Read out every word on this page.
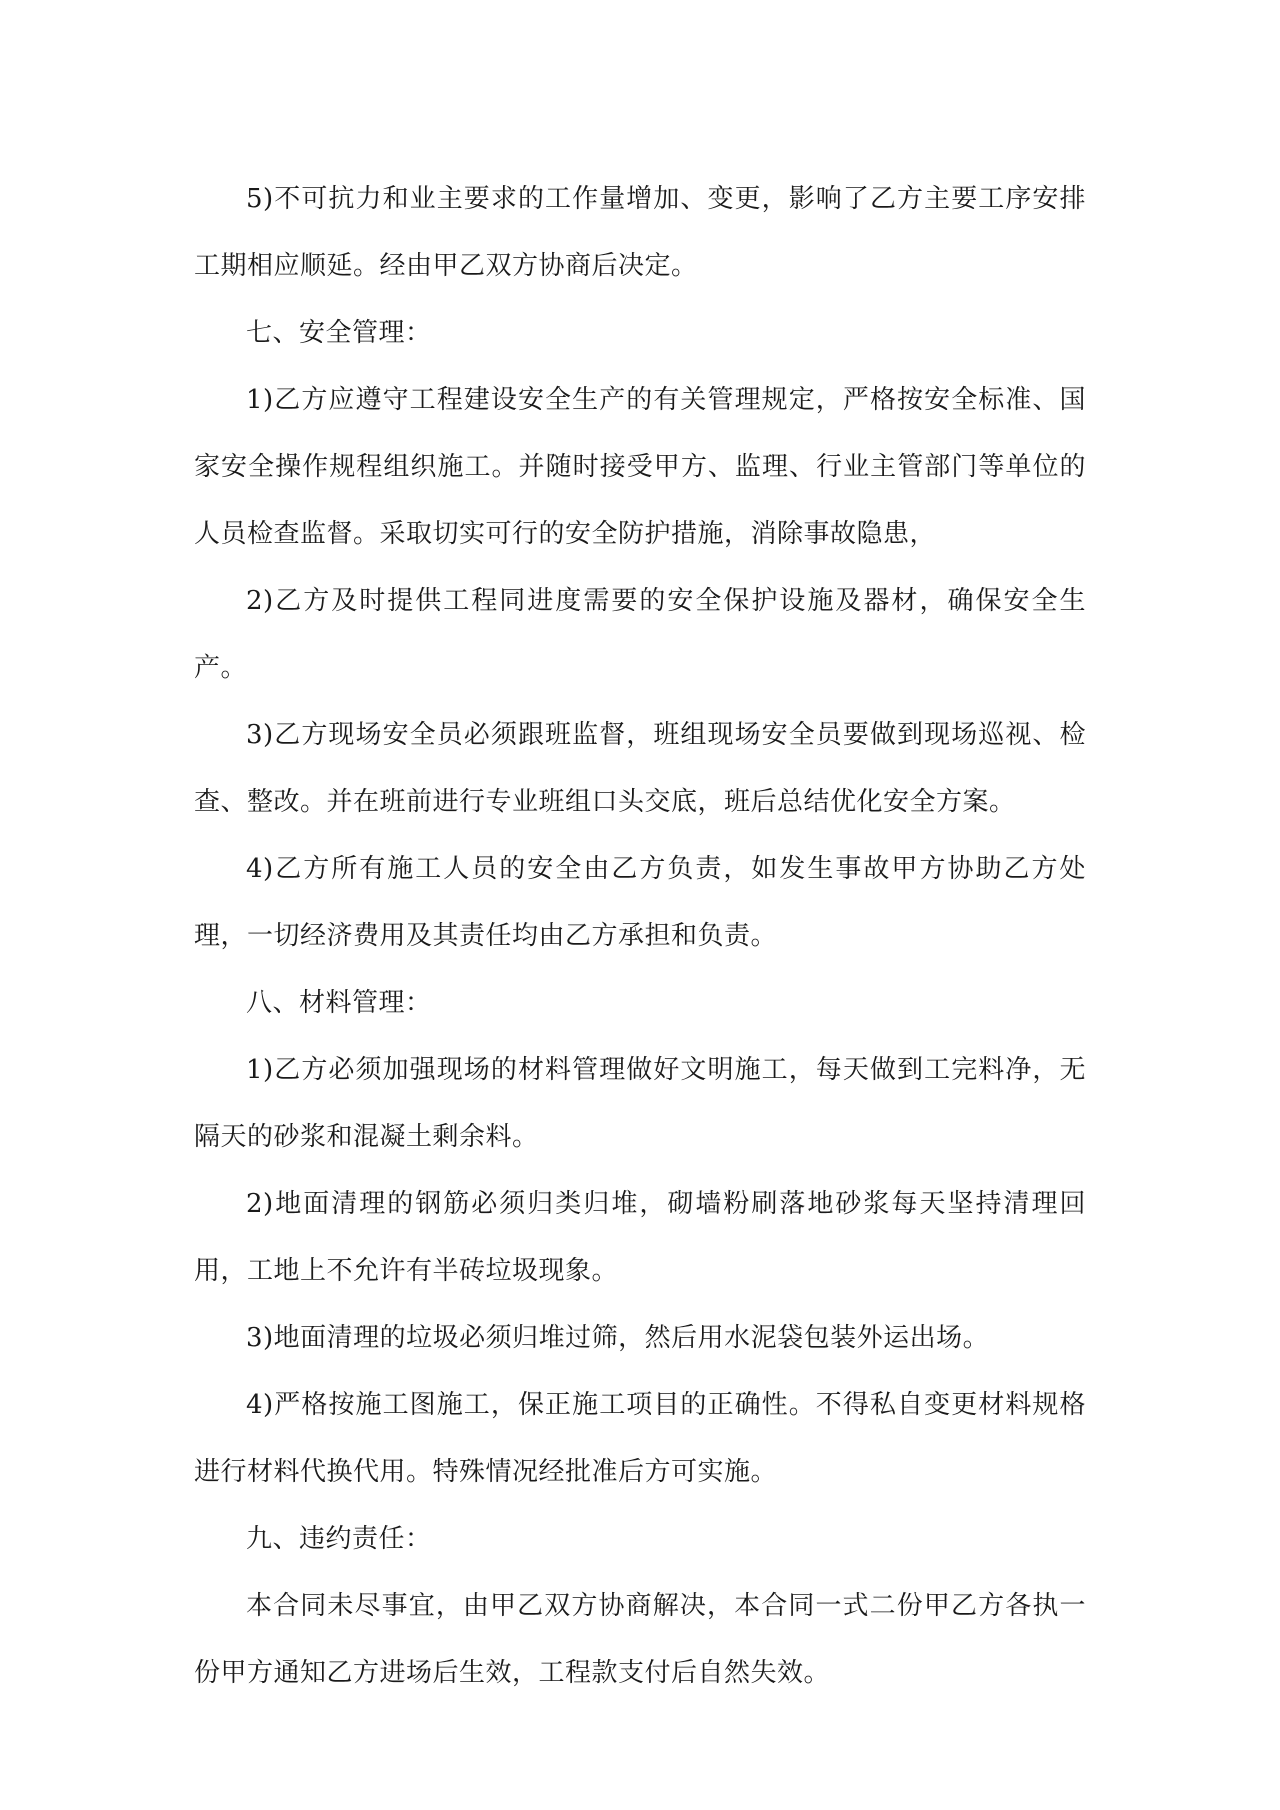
5)不可抗力和业主要求的工作量增加、变更，影响了乙方主要工序安排工期相应顺延。经由甲乙双方协商后决定。

七、安全管理：

1)乙方应遵守工程建设安全生产的有关管理规定，严格按安全标准、国家安全操作规程组织施工。并随时接受甲方、监理、行业主管部门等单位的人员检查监督。采取切实可行的安全防护措施，消除事故隐患，

2)乙方及时提供工程同进度需要的安全保护设施及器材，确保安全生产。

3)乙方现场安全员必须跟班监督，班组现场安全员要做到现场巡视、检查、整改。并在班前进行专业班组口头交底，班后总结优化安全方案。

4)乙方所有施工人员的安全由乙方负责，如发生事故甲方协助乙方处理，一切经济费用及其责任均由乙方承担和负责。

八、材料管理：

1)乙方必须加强现场的材料管理做好文明施工，每天做到工完料净，无隔天的砂浆和混凝土剩余料。

2)地面清理的钢筋必须归类归堆，砌墙粉刷落地砂浆每天坚持清理回用，工地上不允许有半砖垃圾现象。

3)地面清理的垃圾必须归堆过筛，然后用水泥袋包装外运出场。

4)严格按施工图施工，保正施工项目的正确性。不得私自变更材料规格进行材料代换代用。特殊情况经批准后方可实施。

九、违约责任：

本合同未尽事宜，由甲乙双方协商解决，本合同一式二份甲乙方各执一份甲方通知乙方进场后生效，工程款支付后自然失效。
